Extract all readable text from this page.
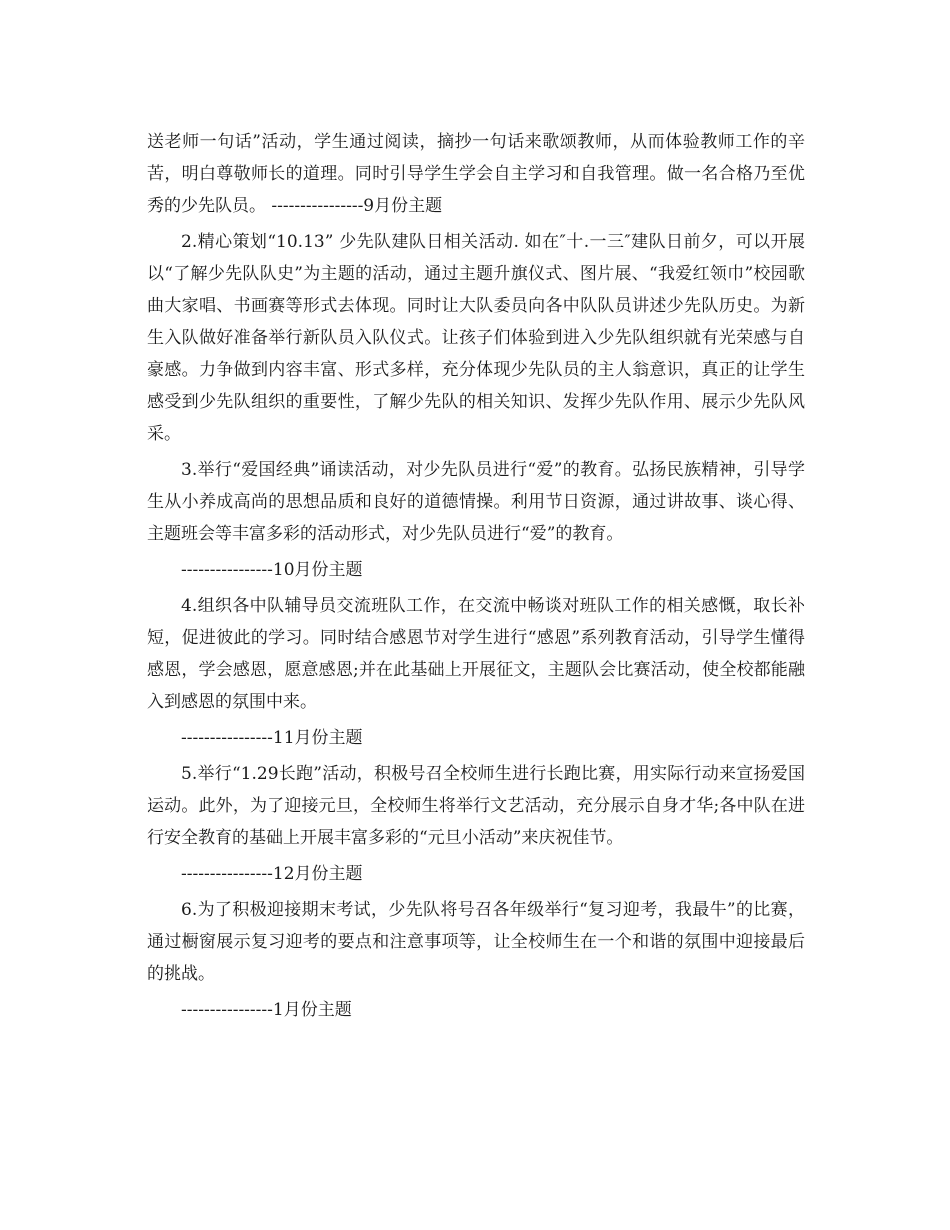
送老师一句话”活动，学生通过阅读，摘抄一句话来歌颂教师，从而体验教师工作的辛苦，明白尊敬师长的道理。同时引导学生学会自主学习和自我管理。做一名合格乃至优秀的少先队员。 ----------------9月份主题

2.精心策划“10.13” 少先队建队日相关活动. 如在″十.一三″建队日前夕，可以开展以“了解少先队队史”为主题的活动，通过主题升旗仪式、图片展、“我爱红领巾”校园歌曲大家唱、书画赛等形式去体现。同时让大队委员向各中队队员讲述少先队历史。为新生入队做好准备举行新队员入队仪式。让孩子们体验到进入少先队组织就有光荣感与自豪感。力争做到内容丰富、形式多样，充分体现少先队员的主人翁意识，真正的让学生感受到少先队组织的重要性，了解少先队的相关知识、发挥少先队作用、展示少先队风采。

3.举行“爱国经典”诵读活动，对少先队员进行“爱”的教育。弘扬民族精神，引导学生从小养成高尚的思想品质和良好的道德情操。利用节日资源，通过讲故事、谈心得、主题班会等丰富多彩的活动形式，对少先队员进行“爱”的教育。

----------------10月份主题

4.组织各中队辅导员交流班队工作，在交流中畅谈对班队工作的相关感慨，取长补短，促进彼此的学习。同时结合感恩节对学生进行“感恩”系列教育活动，引导学生懂得感恩，学会感恩，愿意感恩;并在此基础上开展征文，主题队会比赛活动，使全校都能融入到感恩的氛围中来。

----------------11月份主题

5.举行“1.29长跑”活动，积极号召全校师生进行长跑比赛，用实际行动来宣扬爱国运动。此外，为了迎接元旦，全校师生将举行文艺活动，充分展示自身才华;各中队在进行安全教育的基础上开展丰富多彩的“元旦小活动”来庆祝佳节。

----------------12月份主题

6.为了积极迎接期末考试，少先队将号召各年级举行“复习迎考，我最牛”的比赛，通过橱窗展示复习迎考的要点和注意事项等，让全校师生在一个和谐的氛围中迎接最后的挑战。

----------------1月份主题
